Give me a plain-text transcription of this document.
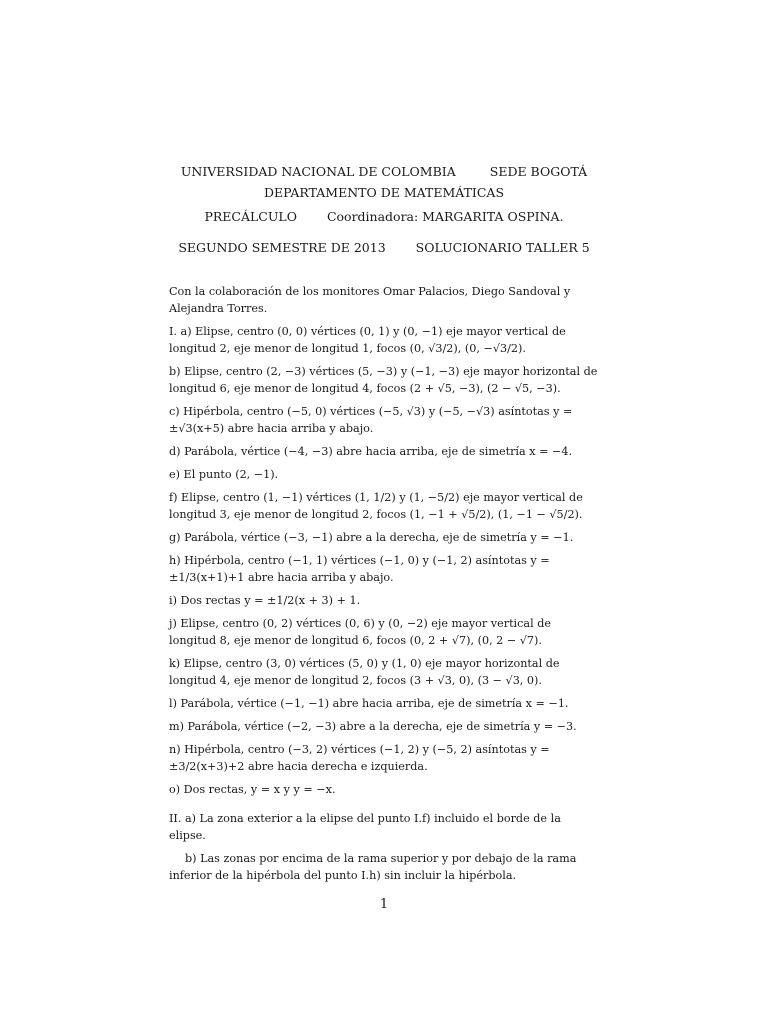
UNIVERSIDAD NACIONAL DE COLOMBIA	SEDE BOGOTÁ
DEPARTAMENTO DE MATEMÁTICAS
PRECÁLCULO Coordinadora: MARGARITA OSPINA.
SEGUNDO SEMESTRE DE 2013 SOLUCIONARIO TALLER 5

Con la colaboración de los monitores Omar Palacios, Diego Sandoval y Alejandra Torres.

I. a) Elipse, centro (0, 0) vértices (0, 1) y (0, −1) eje mayor vertical de longitud 2, eje menor de longitud 1, focos (0, √3/2), (0, −√3/2).

b) Elipse, centro (2, −3) vértices (5, −3) y (−1, −3) eje mayor horizontal de longitud 6, eje menor de longitud 4, focos (2 + √5, −3), (2 − √5, −3).

c) Hipérbola, centro (−5, 0) vértices (−5, √3) y (−5, −√3) asíntotas y = ±√3(x+5) abre hacia arriba y abajo.

d) Parábola, vértice (−4, −3) abre hacia arriba, eje de simetría x = −4.

e) El punto (2, −1).

f) Elipse, centro (1, −1) vértices (1, 1/2) y (1, −5/2) eje mayor vertical de longitud 3, eje menor de longitud 2, focos (1, −1 + √5/2), (1, −1 − √5/2).

g) Parábola, vértice (−3, −1) abre a la derecha, eje de simetría y = −1.

h) Hipérbola, centro (−1, 1) vértices (−1, 0) y (−1, 2) asíntotas y = ±1/3(x+1)+1 abre hacia arriba y abajo.

i) Dos rectas y = ±1/2(x + 3) + 1.

j) Elipse, centro (0, 2) vértices (0, 6) y (0, −2) eje mayor vertical de longitud 8, eje menor de longitud 6, focos (0, 2 + √7), (0, 2 − √7).

k) Elipse, centro (3, 0) vértices (5, 0) y (1, 0) eje mayor horizontal de longitud 4, eje menor de longitud 2, focos (3 + √3, 0), (3 − √3, 0).

l) Parábola, vértice (−1, −1) abre hacia arriba, eje de simetría x = −1.

m) Parábola, vértice (−2, −3) abre a la derecha, eje de simetría y = −3.

n) Hipérbola, centro (−3, 2) vértices (−1, 2) y (−5, 2) asíntotas y = ±3/2(x+3)+2 abre hacia derecha e izquierda.

o) Dos rectas, y = x y y = −x.

II. a) La zona exterior a la elipse del punto I.f) incluido el borde de la elipse.

b) Las zonas por encima de la rama superior y por debajo de la rama inferior de la hipérbola del punto I.h) sin incluir la hipérbola.

1
